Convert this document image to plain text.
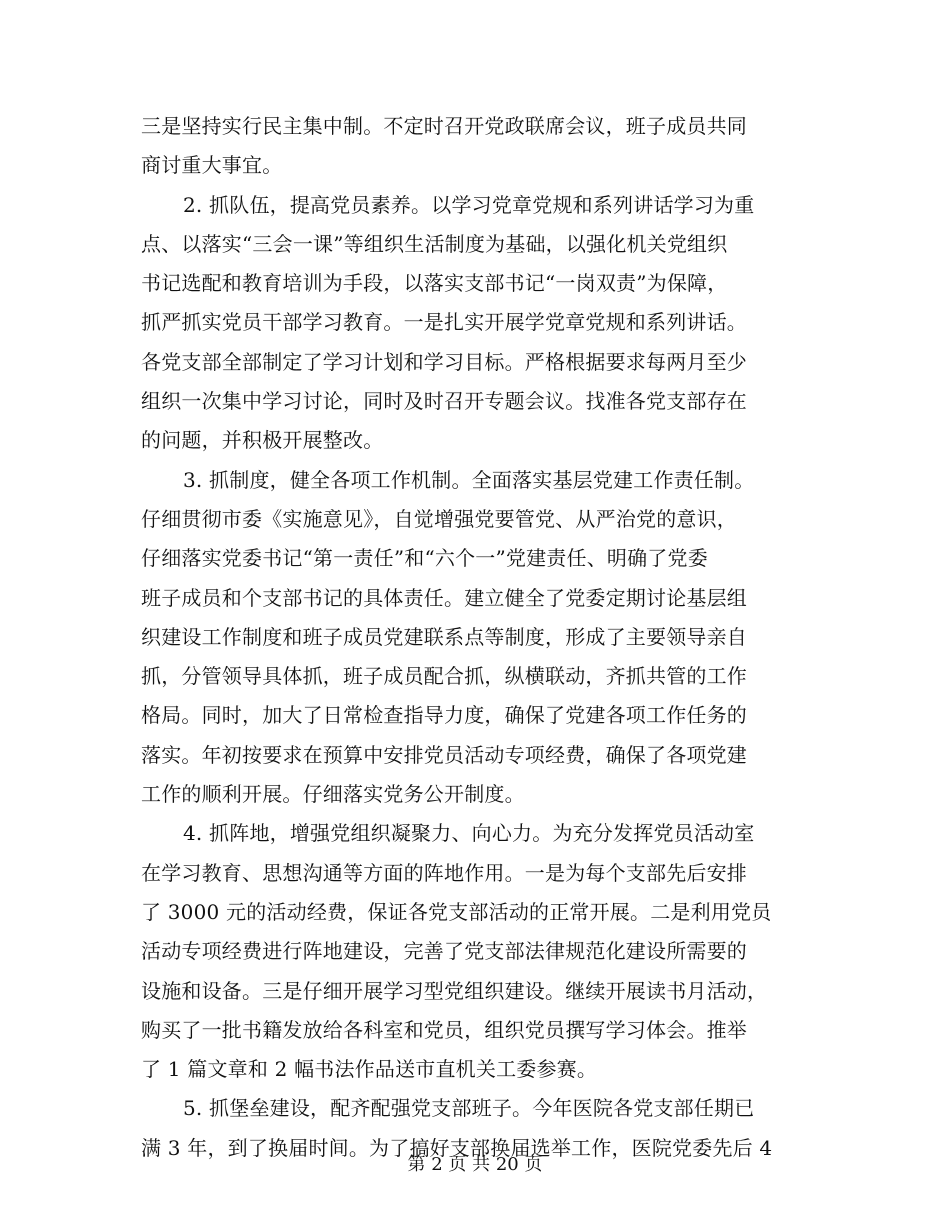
三是坚持实行民主集中制。不定时召开党政联席会议，班子成员共同
商讨重大事宜。
2. 抓队伍，提高党员素养。以学习党章党规和系列讲话学习为重
点、以落实“三会一课”等组织生活制度为基础，以强化机关党组织
书记选配和教育培训为手段，以落实支部书记“一岗双责”为保障，
抓严抓实党员干部学习教育。一是扎实开展学党章党规和系列讲话。
各党支部全部制定了学习计划和学习目标。严格根据要求每两月至少
组织一次集中学习讨论，同时及时召开专题会议。找准各党支部存在
的问题，并积极开展整改。
3. 抓制度，健全各项工作机制。全面落实基层党建工作责任制。
仔细贯彻市委《实施意见》，自觉增强党要管党、从严治党的意识，
仔细落实党委书记“第一责任”和“六个一”党建责任、明确了党委
班子成员和个支部书记的具体责任。建立健全了党委定期讨论基层组
织建设工作制度和班子成员党建联系点等制度，形成了主要领导亲自
抓，分管领导具体抓，班子成员配合抓，纵横联动，齐抓共管的工作
格局。同时，加大了日常检查指导力度，确保了党建各项工作任务的
落实。年初按要求在预算中安排党员活动专项经费，确保了各项党建
工作的顺利开展。仔细落实党务公开制度。
4. 抓阵地，增强党组织凝聚力、向心力。为充分发挥党员活动室
在学习教育、思想沟通等方面的阵地作用。一是为每个支部先后安排
了 3000 元的活动经费，保证各党支部活动的正常开展。二是利用党员
活动专项经费进行阵地建设，完善了党支部法律规范化建设所需要的
设施和设备。三是仔细开展学习型党组织建设。继续开展读书月活动，
购买了一批书籍发放给各科室和党员，组织党员撰写学习体会。推举
了 1 篇文章和 2 幅书法作品送市直机关工委参赛。
5. 抓堡垒建设，配齐配强党支部班子。今年医院各党支部任期已
满 3 年，到了换届时间。为了搞好支部换届选举工作，医院党委先后 4
第 2 页 共 20 页
